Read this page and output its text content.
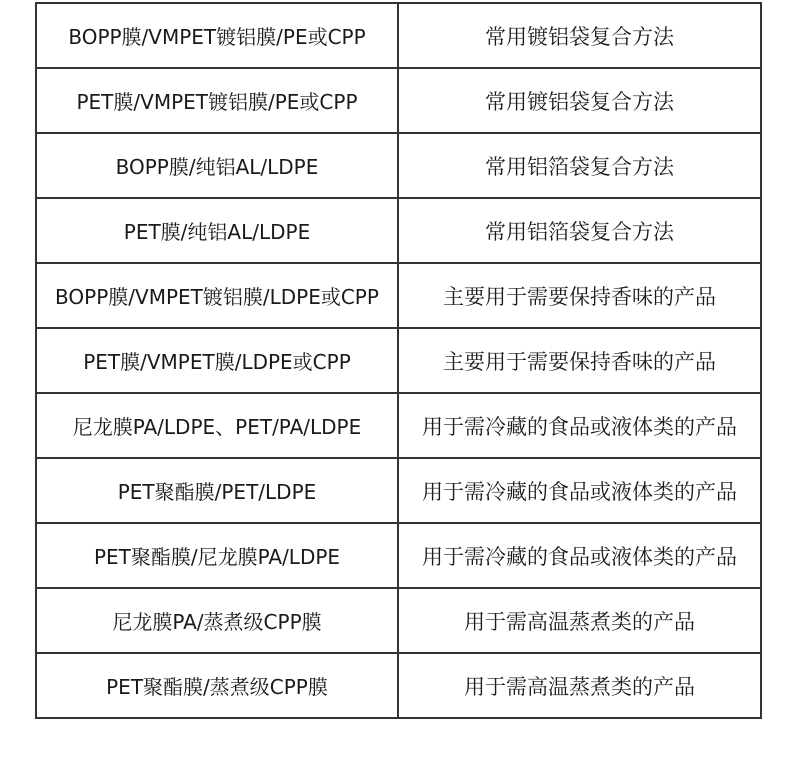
BOPP膜/VMPET镀铝膜/PE或CPP	常用镀铝袋复合方法
PET膜/VMPET镀铝膜/PE或CPP	常用镀铝袋复合方法
BOPP膜/纯铝AL/LDPE	常用铝箔袋复合方法
PET膜/纯铝AL/LDPE	常用铝箔袋复合方法
BOPP膜/VMPET镀铝膜/LDPE或CPP	主要用于需要保持香味的产品
PET膜/VMPET膜/LDPE或CPP	主要用于需要保持香味的产品
尼龙膜PA/LDPE、PET/PA/LDPE	用于需冷藏的食品或液体类的产品
PET聚酯膜/PET/LDPE	用于需冷藏的食品或液体类的产品
PET聚酯膜/尼龙膜PA/LDPE	用于需冷藏的食品或液体类的产品
尼龙膜PA/蒸煮级CPP膜	用于需高温蒸煮类的产品
PET聚酯膜/蒸煮级CPP膜	用于需高温蒸煮类的产品
